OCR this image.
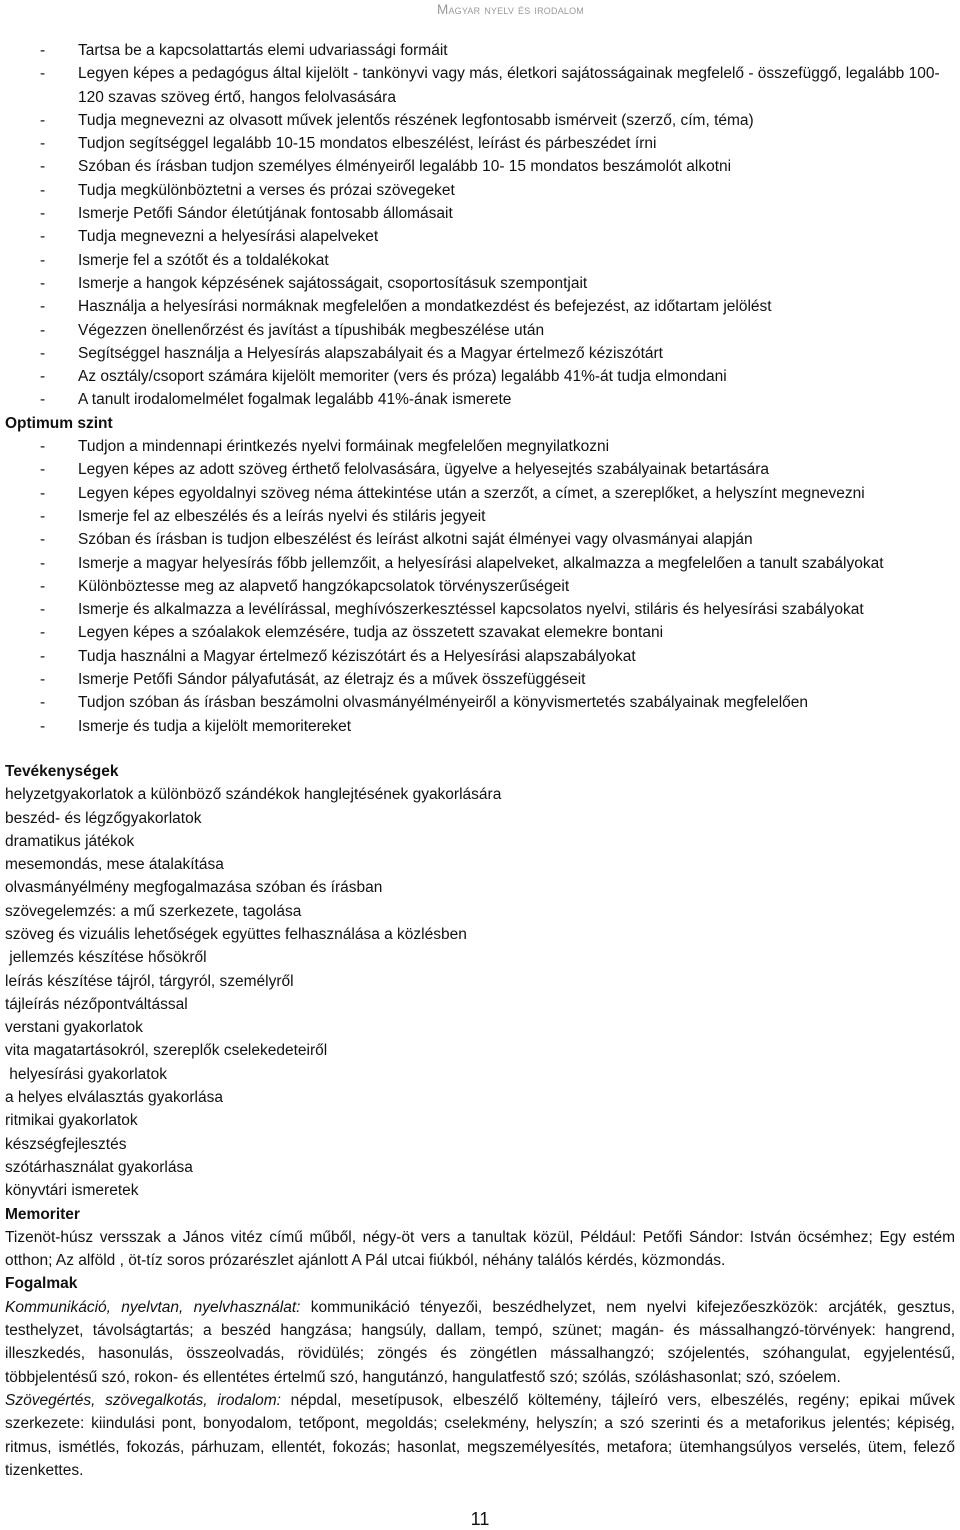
Magyar nyelv és irodalom
- Tartsa be a kapcsolattartás elemi udvariassági formáit
- Legyen képes a pedagógus által kijelölt - tankönyvi vagy más, életkori sajátosságainak megfelelő - összefüggő, legalább 100-120 szavas szöveg értő, hangos felolvasására
- Tudja megnevezni az olvasott művek jelentős részének legfontosabb ismérveit (szerző, cím, téma)
- Tudjon segítséggel legalább 10-15 mondatos elbeszélést, leírást és párbeszédet írni
- Szóban és írásban tudjon személyes élményeiről legalább 10- 15 mondatos beszámolót alkotni
- Tudja megkülönböztetni a verses és prózai szövegeket
- Ismerje Petőfi Sándor életútjának fontosabb állomásait
- Tudja megnevezni a helyesírási alapelveket
- Ismerje fel a szótőt és a toldalékokat
- Ismerje a hangok képzésének sajátosságait, csoportosításuk szempontjait
- Használja a helyesírási normáknak megfelelően a mondatkezdést és befejezést, az időtartam jelölést
- Végezzen önellenőrzést és javítást a típushibák megbeszélése után
- Segítséggel használja a Helyesírás alapszabályait és a Magyar értelmező kéziszótárt
- Az osztály/csoport számára kijelölt memoriter (vers és próza) legalább 41%-át tudja elmondani
- A tanult irodalomelmélet fogalmak legalább 41%-ának ismerete
Optimum szint
- Tudjon a mindennapi érintkezés nyelvi formáinak megfelelően megnyilatkozni
- Legyen képes az adott szöveg érthető felolvasására, ügyelve a helyesejtés szabályainak betartására
- Legyen képes egyoldalnyi szöveg néma áttekintése után a szerzőt, a címet, a szereplőket, a helyszínt megnevezni
- Ismerje fel az elbeszélés és a leírás nyelvi és stiláris jegyeit
- Szóban és írásban is tudjon elbeszélést és leírást alkotni saját élményei vagy olvasmányai alapján
- Ismerje a magyar helyesírás főbb jellemzőit, a helyesírási alapelveket, alkalmazza a megfelelően a tanult szabályokat
- Különböztesse meg az alapvető hangzókapcsolatok törvényszerűségeit
- Ismerje és alkalmazza a levélírással, meghívószerkesztéssel kapcsolatos nyelvi, stiláris és helyesírási szabályokat
- Legyen képes a szóalakok elemzésére, tudja az összetett szavakat elemekre bontani
- Tudja használni a Magyar értelmező kéziszótárt és a Helyesírási alapszabályokat
- Ismerje Petőfi Sándor pályafutását, az életrajz és a művek összefüggéseit
- Tudjon szóban ás írásban beszámolni olvasmányélményeiről a könyvismertetés szabályainak megfelelően
- Ismerje és tudja a kijelölt memoritereket
Tevékenységek
helyzetgyakorlatok a különböző szándékok hanglejtésének gyakorlására
beszéd- és légzőgyakorlatok
dramatikus játékok
mesemondás, mese átalakítása
olvasmányélmény megfogalmazása szóban és írásban
szövegelemzés: a mű szerkezete, tagolása
szöveg és vizuális lehetőségek együttes felhasználása a közlésben
jellemzés készítése hősökről
leírás készítése tájról, tárgyról, személyről
tájleírás nézőpontváltással
verstani gyakorlatok
vita magatartásokról, szereplők cselekedeteiről
helyesírási gyakorlatok
a helyes elválasztás gyakorlása
ritmikai gyakorlatok
készségfejlesztés
szótárhasználat gyakorlása
könyvtári ismeretek
Memoriter
Tizenöt-húsz versszak a János vitéz című műből, négy-öt vers a tanultak közül, Például: Petőfi Sándor: István öcsémhez; Egy estém otthon; Az alföld , öt-tíz soros prózarészlet ajánlott A Pál utcai fiúkból, néhány találós kérdés, közmondás.
Fogalmak
Kommunikáció, nyelvtan, nyelvhasználat: kommunikáció tényezői, beszédhelyzet, nem nyelvi kifejezőeszközök: arcjáték, gesztus, testhelyzet, távolságtartás; a beszéd hangzása; hangsúly, dallam, tempó, szünet; magán- és mássalhangzó-törvények: hangrend, illeszkedés, hasonulás, összeolvadás, rövidülés; zöngés és zöngétlen mássalhangzó; szójelentés, szóhangulat, egyjelentésű, többjelentésű szó, rokon- és ellentétes értelmű szó, hangutánzó, hangulatfestő szó; szólás, szóláshasonlat; szó, szóelem.
Szövegértés, szövegalkotás, irodalom: népdal, mesetípusok, elbeszélő költemény, tájleíró vers, elbeszélés, regény; epikai művek szerkezete: kiindulási pont, bonyodalom, tetőpont, megoldás; cselekmény, helyszín; a szó szerinti és a metaforikus jelentés; képiség, ritmus, ismétlés, fokozás, párhuzam, ellentét, fokozás; hasonlat, megszemélyesítés, metafora; ütemhangsúlyos verselés, ütem, felező tizenkettes.
11
